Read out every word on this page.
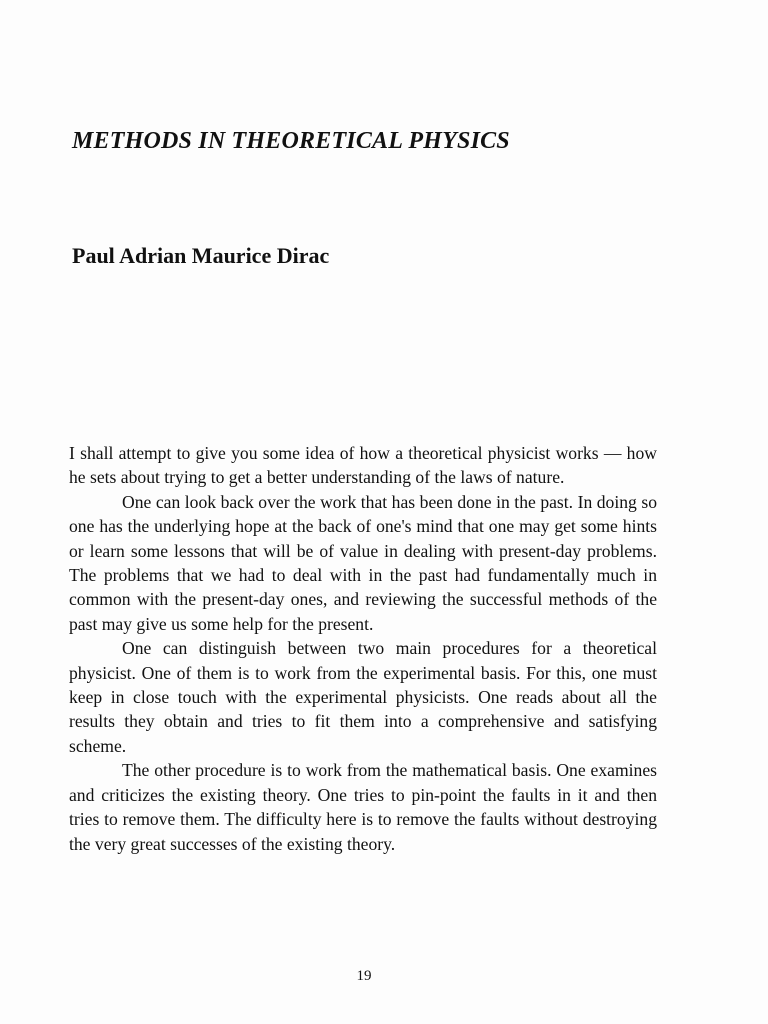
METHODS IN THEORETICAL PHYSICS
Paul Adrian Maurice Dirac

I shall attempt to give you some idea of how a theoretical physicist works — how he sets about trying to get a better understanding of the laws of nature.

One can look back over the work that has been done in the past. In doing so one has the underlying hope at the back of one's mind that one may get some hints or learn some lessons that will be of value in dealing with present-day problems. The problems that we had to deal with in the past had fundamentally much in common with the present-day ones, and reviewing the successful methods of the past may give us some help for the present.

One can distinguish between two main procedures for a theoretical physicist. One of them is to work from the experimental basis. For this, one must keep in close touch with the experimental physicists. One reads about all the results they obtain and tries to fit them into a comprehensive and satisfying scheme.

The other procedure is to work from the mathematical basis. One examines and criticizes the existing theory. One tries to pin-point the faults in it and then tries to remove them. The difficulty here is to remove the faults without destroying the very great successes of the existing theory.

19
